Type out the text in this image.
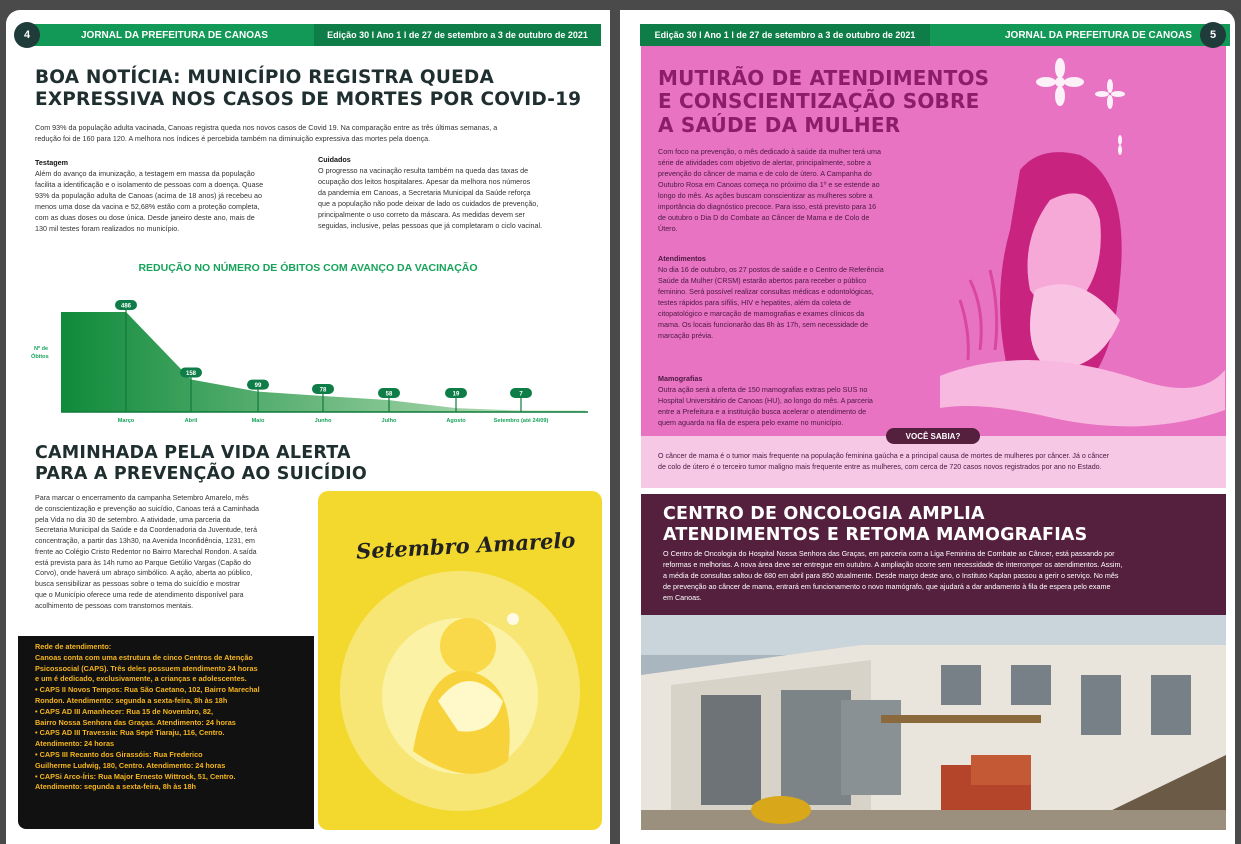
JORNAL DA PREFEITURA DE CANOAS	Edição 30 l Ano 1 l de 27 de setembro a 3 de outubro de 2021
4
BOA NOTÍCIA: MUNICÍPIO REGISTRA QUEDA
EXPRESSIVA NOS CASOS DE MORTES POR COVID-19
Com 93% da população adulta vacinada, Canoas registra queda nos novos casos de Covid 19. Na comparação entre as três últimas semanas, a
redução foi de 160 para 120. A melhora nos índices é percebida também na diminuição expressiva das mortes pela doença.
Testagem
Além do avanço da imunização, a testagem em massa da população
facilita a identificação e o isolamento de pessoas com a doença. Quase
93% da população adulta de Canoas (acima de 18 anos) já recebeu ao
menos uma dose da vacina e 52,68% estão com a proteção completa,
com as duas doses ou dose única. Desde janeiro deste ano, mais de
130 mil testes foram realizados no município.
Cuidados
O progresso na vacinação resulta também na queda das taxas de
ocupação dos leitos hospitalares. Apesar da melhora nos números
da pandemia em Canoas, a Secretaria Municipal da Saúde reforça
que a população não pode deixar de lado os cuidados de prevenção,
principalmente o uso correto da máscara. As medidas devem ser
seguidas, inclusive, pelas pessoas que já completaram o ciclo vacinal.
REDUÇÃO NO NÚMERO DE ÓBITOS COM AVANÇO DA VACINAÇÃO
Nº de
Óbitos
486
Março
158
Abril
99
Maio
78
Junho
58
Julho
19
Agosto
7
Setembro (até 24/09)
CAMINHADA PELA VIDA ALERTA
PARA A PREVENÇÃO AO SUICÍDIO
Para marcar o encerramento da campanha Setembro Amarelo, mês
de conscientização e prevenção ao suicídio, Canoas terá a Caminhada
pela Vida no dia 30 de setembro. A atividade, uma parceria da
Secretaria Municipal da Saúde e da Coordenadoria da Juventude, terá
concentração, a partir das 13h30, na Avenida Inconfidência, 1231, em
frente ao Colégio Cristo Redentor no Bairro Marechal Rondon. A saída
está prevista para às 14h rumo ao Parque Getúlio Vargas (Capão do
Corvo), onde haverá um abraço simbólico. A ação, aberta ao público,
busca sensibilizar as pessoas sobre o tema do suicídio e mostrar
que o Município oferece uma rede de atendimento disponível para
acolhimento de pessoas com transtornos mentais.
Setembro Amarelo
Rede de atendimento:
Canoas conta com uma estrutura de cinco Centros de Atenção
Psicossocial (CAPS). Três deles possuem atendimento 24 horas
e um é dedicado, exclusivamente, a crianças e adolescentes.
• CAPS II Novos Tempos: Rua São Caetano, 102, Bairro Marechal
Rondon. Atendimento: segunda a sexta-feira, 8h às 18h
• CAPS AD III Amanhecer: Rua 15 de Novembro, 82,
Bairro Nossa Senhora das Graças. Atendimento: 24 horas
• CAPS AD III Travessia: Rua Sepé Tiaraju, 116, Centro.
Atendimento: 24 horas
• CAPS III Recanto dos Girassóis: Rua Frederico
Guilherme Ludwig, 180, Centro. Atendimento: 24 horas
• CAPSi Arco-Íris: Rua Major Ernesto Wittrock, 51, Centro.
Atendimento: segunda a sexta-feira, 8h às 18h
Edição 30 l Ano 1 l de 27 de setembro a 3 de outubro de 2021	JORNAL DA PREFEITURA DE CANOAS	5
MUTIRÃO DE ATENDIMENTOS
E CONSCIENTIZAÇÃO SOBRE
A SAÚDE DA MULHER
Com foco na prevenção, o mês dedicado à saúde da mulher terá uma
série de atividades com objetivo de alertar, principalmente, sobre a
prevenção do câncer de mama e de colo de útero. A Campanha do
Outubro Rosa em Canoas começa no próximo dia 1º e se estende ao
longo do mês. As ações buscam conscientizar as mulheres sobre a
importância do diagnóstico precoce. Para isso, está previsto para 16
de outubro o Dia D do Combate ao Câncer de Mama e de Colo de
Útero.
Atendimentos
No dia 16 de outubro, os 27 postos de saúde e o Centro de Referência
Saúde da Mulher (CRSM) estarão abertos para receber o público
feminino. Será possível realizar consultas médicas e odontológicas,
testes rápidos para sífilis, HIV e hepatites, além da coleta de
citopatológico e marcação de mamografias e exames clínicos da
mama. Os locais funcionarão das 8h às 17h, sem necessidade de
marcação prévia.
Mamografias
Outra ação será a oferta de 150 mamografias extras pelo SUS no
Hospital Universitário de Canoas (HU), ao longo do mês. A parceria
entre a Prefeitura e a instituição busca acelerar o atendimento de
quem aguarda na fila de espera pelo exame no município.
VOCÊ SABIA?
O câncer de mama é o tumor mais frequente na população feminina gaúcha e a principal causa de mortes de mulheres por câncer. Já o câncer
de colo de útero é o terceiro tumor maligno mais frequente entre as mulheres, com cerca de 720 casos novos registrados por ano no Estado.
CENTRO DE ONCOLOGIA AMPLIA
ATENDIMENTOS E RETOMA MAMOGRAFIAS
O Centro de Oncologia do Hospital Nossa Senhora das Graças, em parceria com a Liga Feminina de Combate ao Câncer, está passando por
reformas e melhorias. A nova área deve ser entregue em outubro. A ampliação ocorre sem necessidade de interromper os atendimentos. Assim,
a média de consultas saltou de 680 em abril para 850 atualmente. Desde março deste ano, o Instituto Kaplan passou a gerir o serviço. No mês
de prevenção ao câncer de mama, entrará em funcionamento o novo mamógrafo, que ajudará a dar andamento à fila de espera pelo exame
em Canoas.
